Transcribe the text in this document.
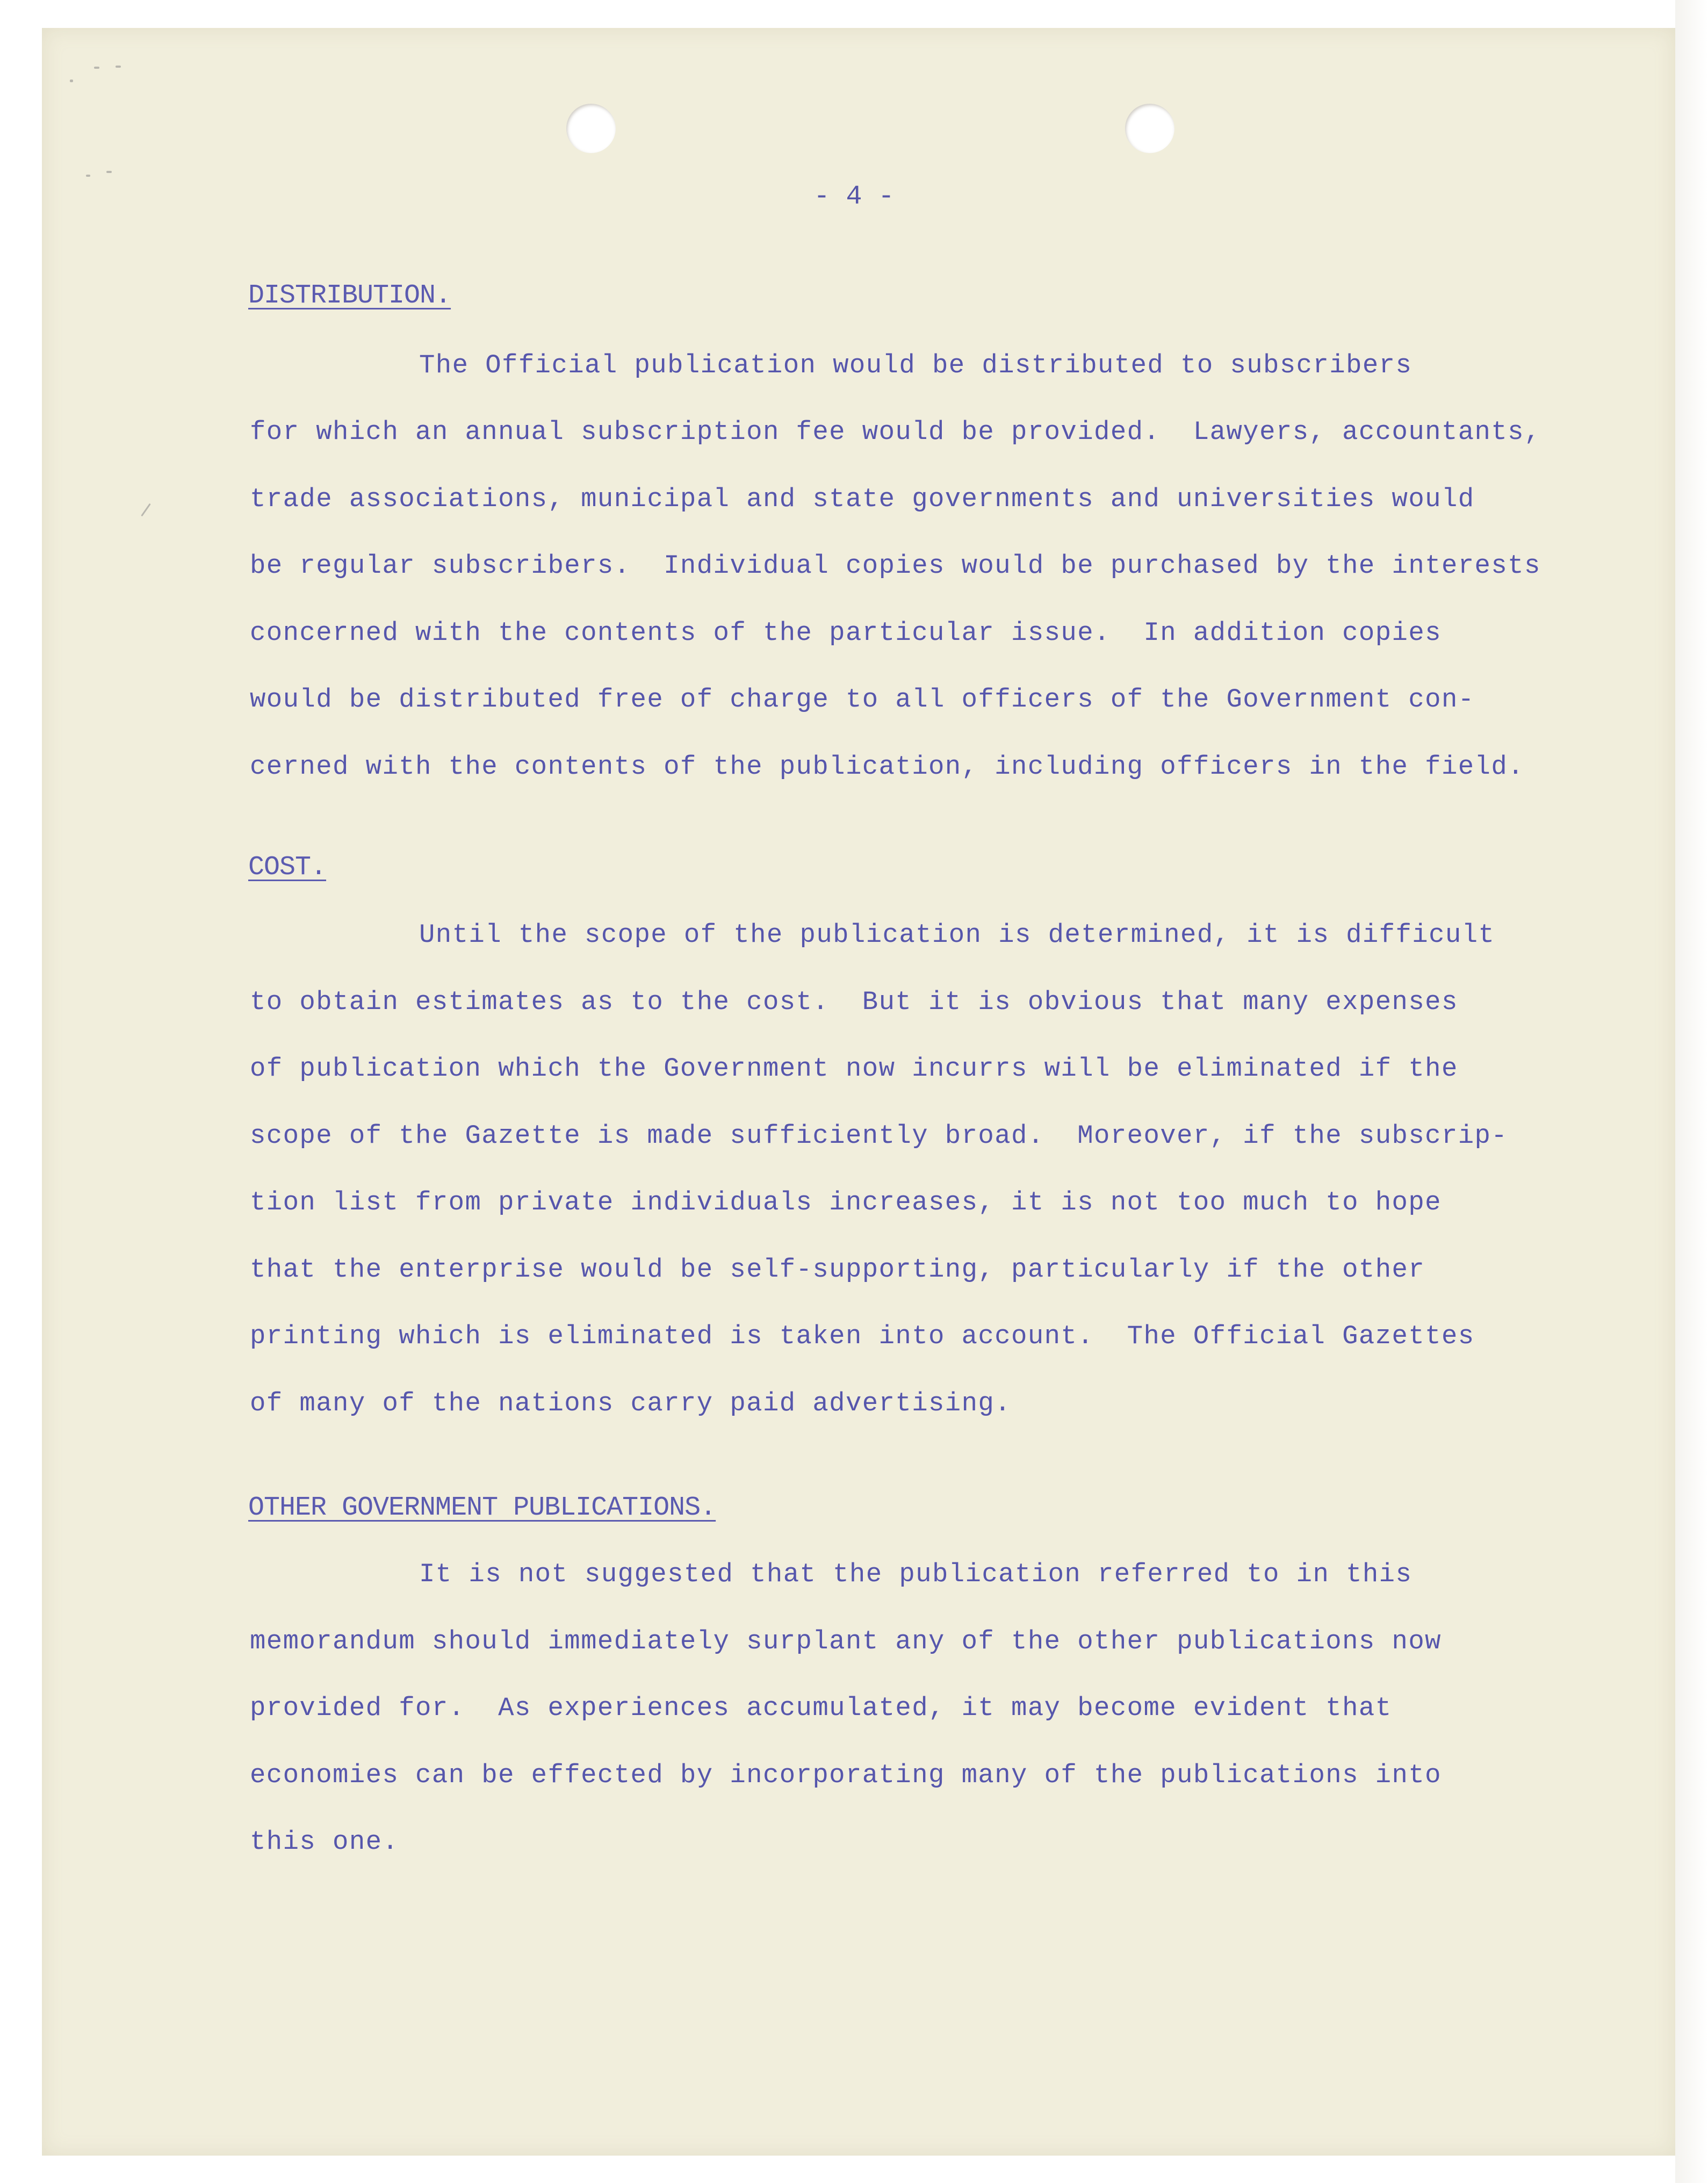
- 4 -
DISTRIBUTION.
The Official publication would be distributed to subscribers
for which an annual subscription fee would be provided.  Lawyers, accountants,
trade associations, municipal and state governments and universities would
be regular subscribers.  Individual copies would be purchased by the interests
concerned with the contents of the particular issue.  In addition copies
would be distributed free of charge to all officers of the Government con-
cerned with the contents of the publication, including officers in the field.
COST.
Until the scope of the publication is determined, it is difficult
to obtain estimates as to the cost.  But it is obvious that many expenses
of publication which the Government now incurrs will be eliminated if the
scope of the Gazette is made sufficiently broad.  Moreover, if the subscrip-
tion list from private individuals increases, it is not too much to hope
that the enterprise would be self-supporting, particularly if the other
printing which is eliminated is taken into account.  The Official Gazettes
of many of the nations carry paid advertising.
OTHER GOVERNMENT PUBLICATIONS.
It is not suggested that the publication referred to in this
memorandum should immediately surplant any of the other publications now
provided for.  As experiences accumulated, it may become evident that
economies can be effected by incorporating many of the publications into
this one.
